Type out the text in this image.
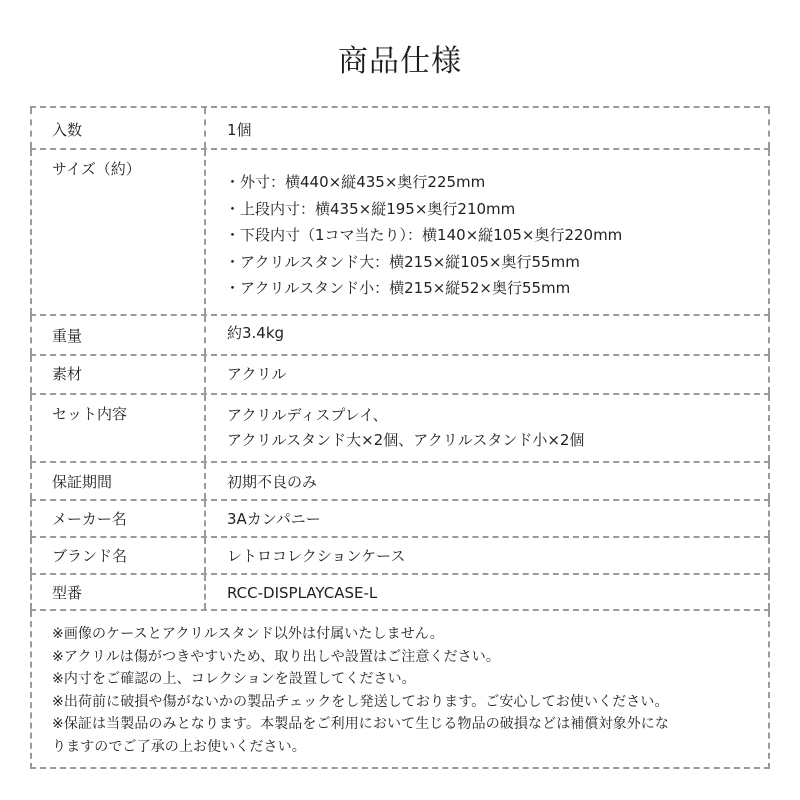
商品仕様
入数	1個
サイズ（約）
・外寸：横440×縦435×奥行225mm
・上段内寸：横435×縦195×奥行210mm
・下段内寸（1コマ当たり）：横140×縦105×奥行220mm
・アクリルスタンド大：横215×縦105×奥行55mm
・アクリルスタンド小：横215×縦52×奥行55mm
重量	約3.4kg
素材	アクリル
セット内容	アクリルディスプレイ、
アクリルスタンド大×2個、アクリルスタンド小×2個
保証期間	初期不良のみ
メーカー名	3Aカンパニー
ブランド名	レトロコレクションケース
型番	RCC-DISPLAYCASE-L
※画像のケースとアクリルスタンド以外は付属いたしません。
※アクリルは傷がつきやすいため、取り出しや設置はご注意ください。
※内寸をご確認の上、コレクションを設置してください。
※出荷前に破損や傷がないかの製品チェックをし発送しております。ご安心してお使いください。
※保証は当製品のみとなります。本製品をご利用において生じる物品の破損などは補償対象外にな
りますのでご了承の上お使いください。
